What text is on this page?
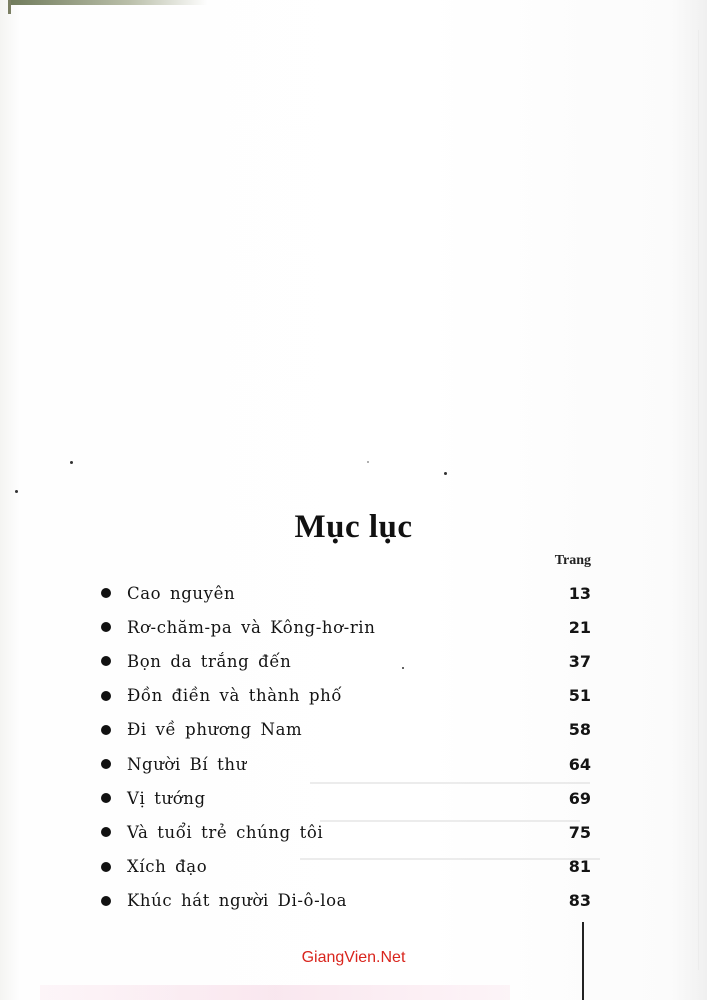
Mục lục
Trang
Cao nguyên	13
Rơ-chăm-pa và Kông-hơ-rin	21
Bọn da trắng đến	37
Đồn điền và thành phố	51
Đi về phương Nam	58
Người Bí thư	64
Vị tướng	69
Và tuổi trẻ chúng tôi	75
Xích đạo	81
Khúc hát người Di-ô-loa	83
GiangVien.Net
